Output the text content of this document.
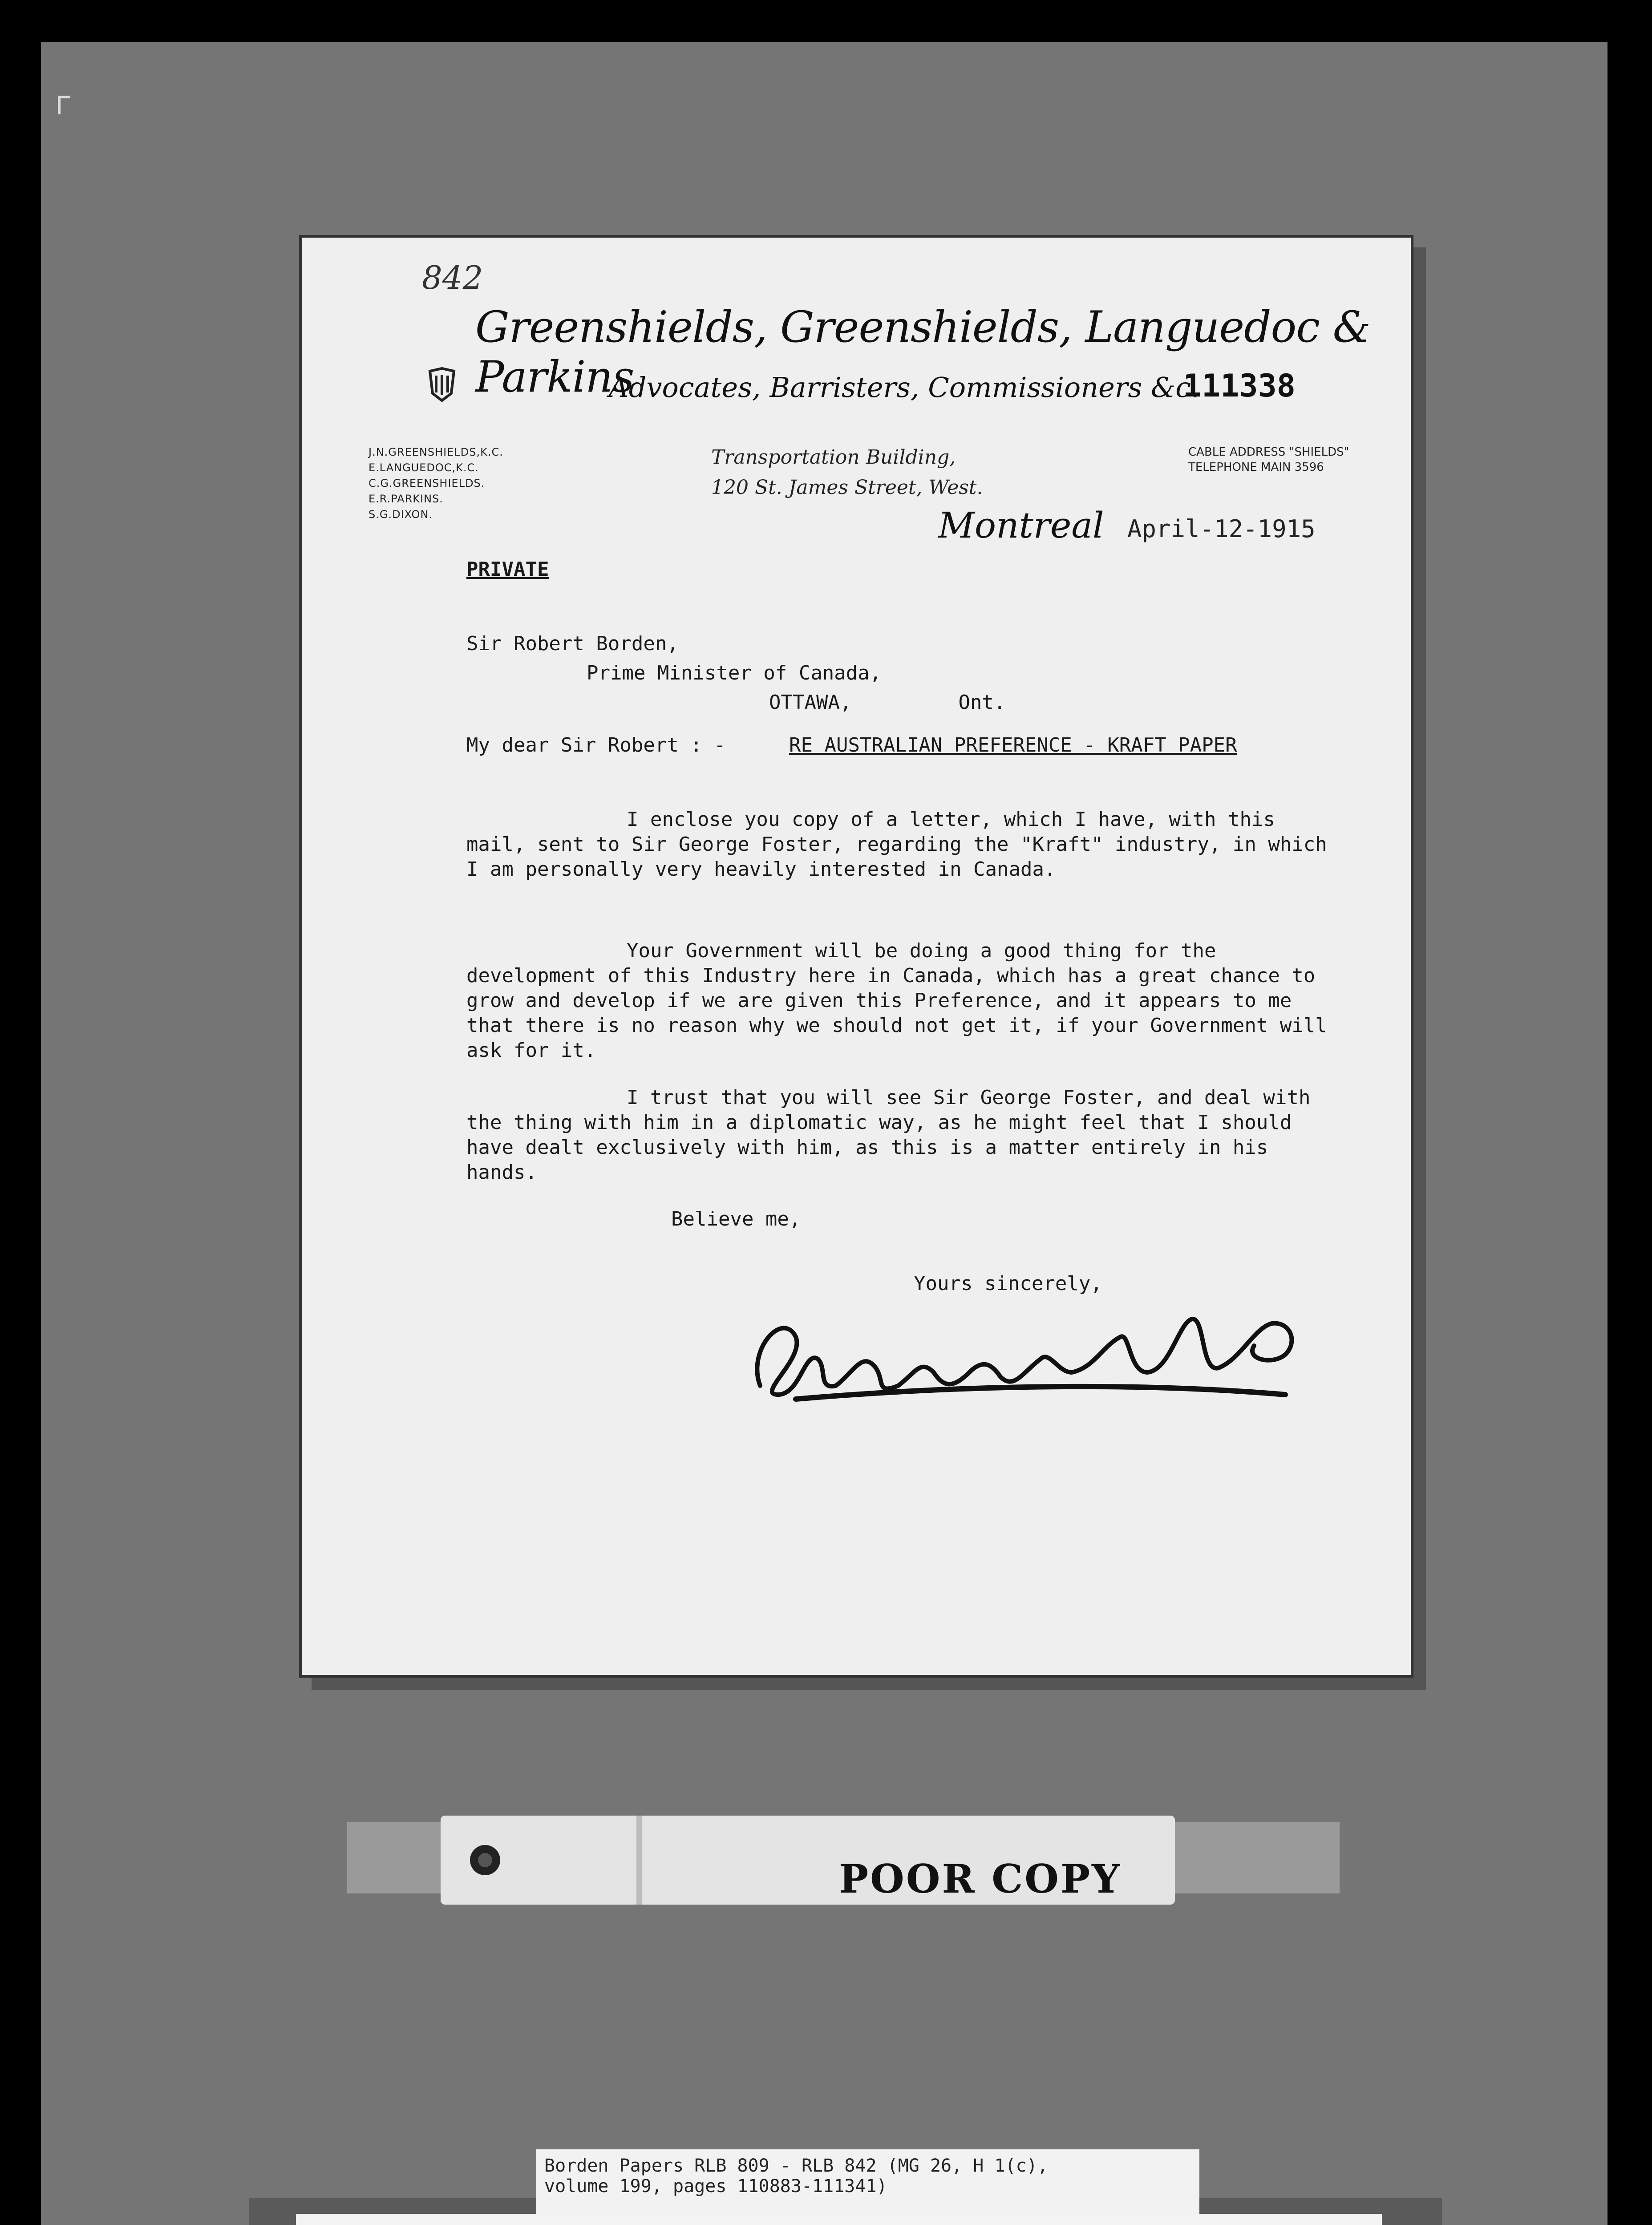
842
Greenshields, Greenshields, Languedoc & Parkins
Advocates, Barristers, Commissioners &c.
111338
J.N.GREENSHIELDS,K.C.
E.LANGUEDOC,K.C.
C.G.GREENSHIELDS.
E.R.PARKINS.
S.G.DIXON.
Transportation Building,
120 St. James Street, West.
CABLE ADDRESS "SHIELDS"
TELEPHONE MAIN 3596
Montreal April-12-1915
PRIVATE
Sir Robert Borden,
Prime Minister of Canada,
OTTAWA,	Ont.
My dear Sir Robert : -	RE AUSTRALIAN PREFERENCE - KRAFT PAPER
I enclose you copy of a letter, which I have, with this mail, sent to Sir George Foster, regarding the "Kraft" industry, in which I am personally very heavily interested in Canada.
Your Government will be doing a good thing for the development of this Industry here in Canada, which has a great chance to grow and develop if we are given this Preference, and it appears to me that there is no reason why we should not get it, if your Government will ask for it.
I trust that you will see Sir George Foster, and deal with the thing with him in a diplomatic way, as he might feel that I should have dealt exclusively with him, as this is a matter entirely in his hands.
Believe me,
Yours sincerely,
POOR COPY
Borden Papers RLB 809 - RLB 842 (MG 26, H 1(c),
volume 199, pages 110883-111341)
